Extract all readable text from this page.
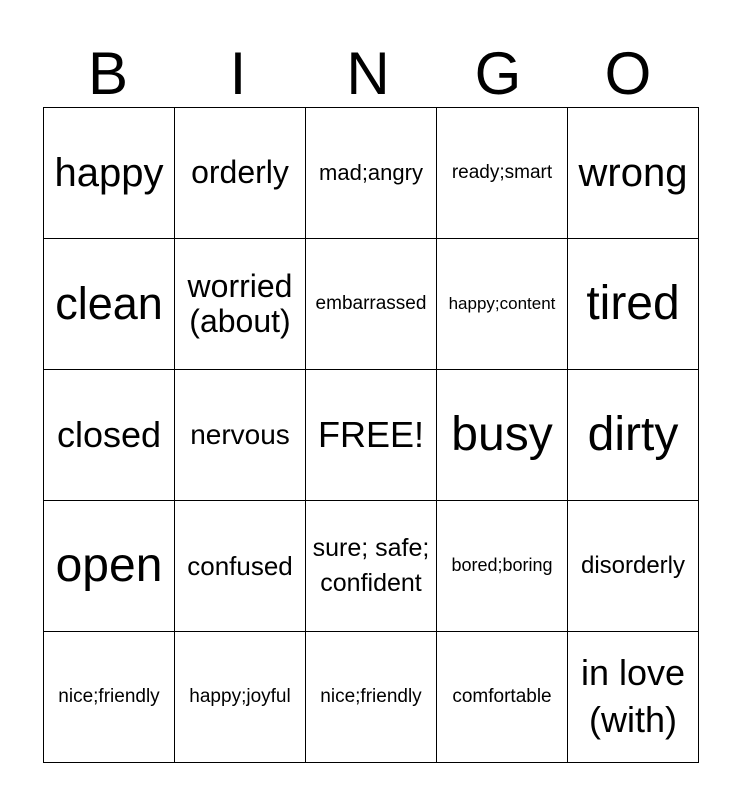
B	I	N	G	O
happy	orderly	mad;angry	ready;smart	wrong
clean	worried (about)	embarrassed	happy;content	tired
closed	nervous	FREE!	busy	dirty
open	confused	sure; safe; confident	bored;boring	disorderly
nice;friendly	happy;joyful	nice;friendly	comfortable	in love (with)
